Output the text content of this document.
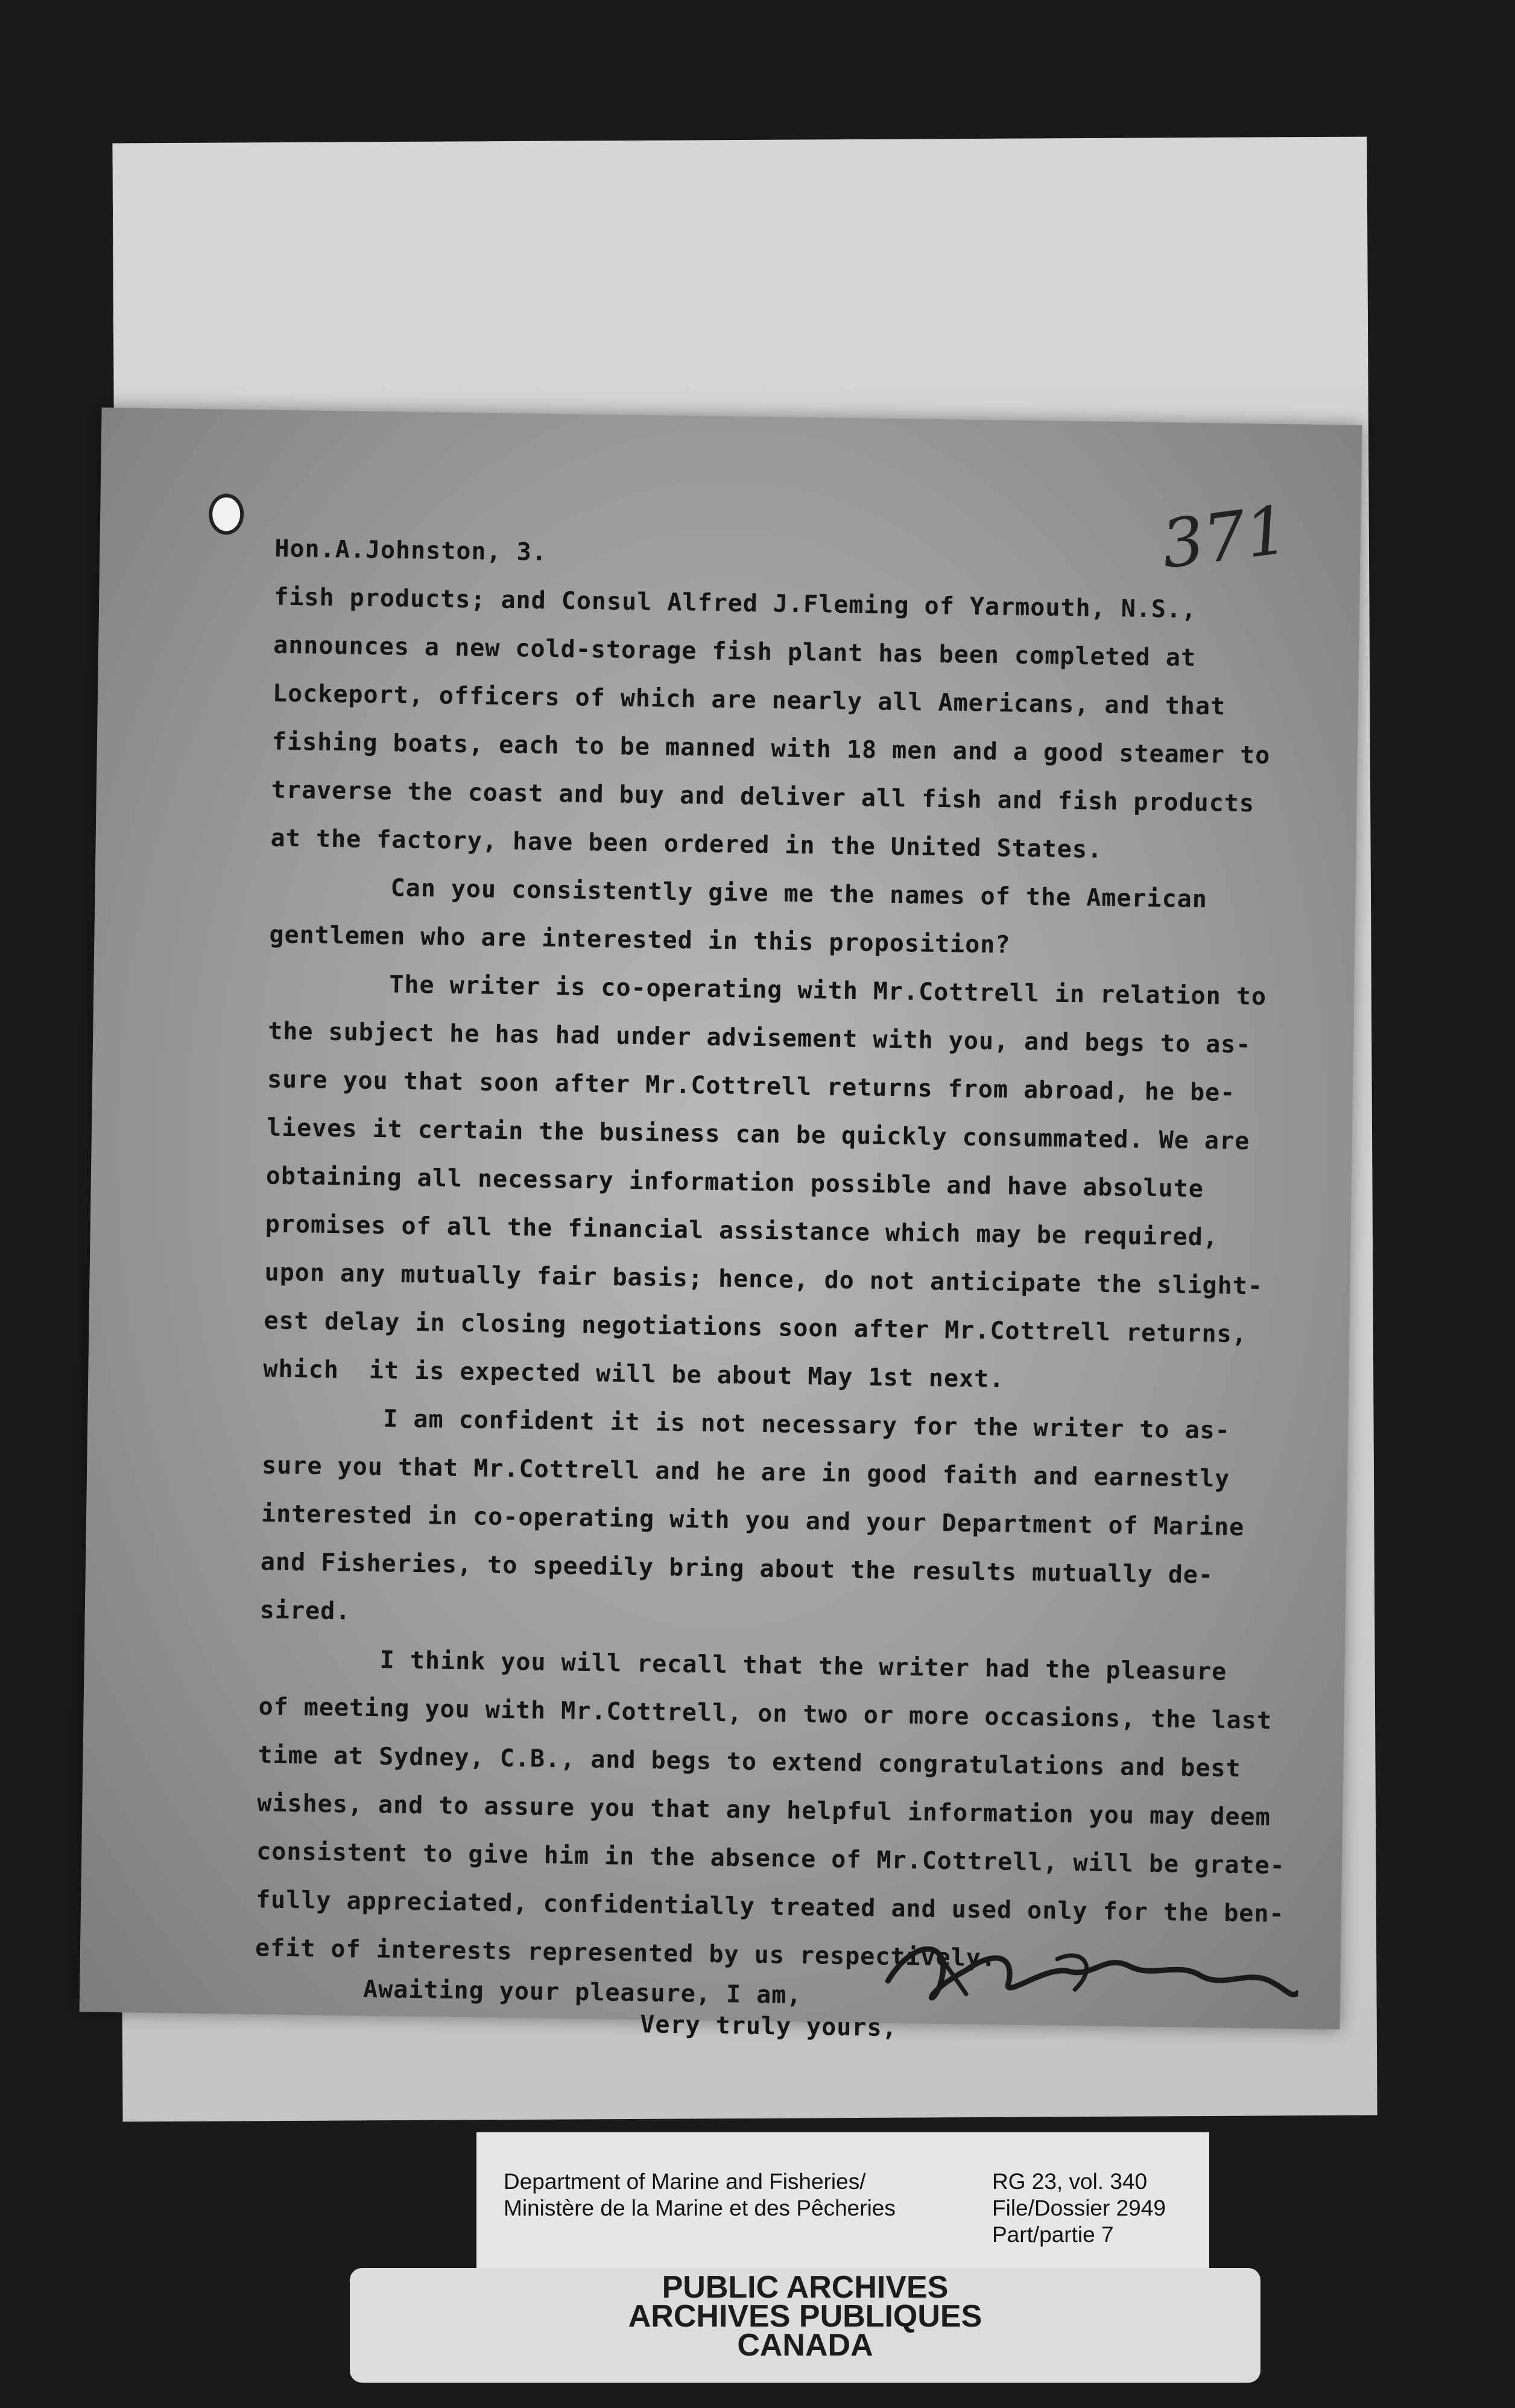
371
Hon.A.Johnston, 3.

fish products; and Consul Alfred J.Fleming of Yarmouth, N.S.,
announces a new cold-storage fish plant has been completed at
Lockeport, officers of which are nearly all Americans, and that
fishing boats, each to be manned with 18 men and a good steamer to
traverse the coast and buy and deliver all fish and fish products
at the factory, have been ordered in the United States.

Can you consistently give me the names of the American
gentlemen who are interested in this proposition?

The writer is co-operating with Mr.Cottrell in relation to
the subject he has had under advisement with you, and begs to as-
sure you that soon after Mr.Cottrell returns from abroad, he be-
lieves it certain the business can be quickly consummated. We are
obtaining all necessary information possible and have absolute
promises of all the financial assistance which may be required,
upon any mutually fair basis; hence, do not anticipate the slight-
est delay in closing negotiations soon after Mr.Cottrell returns,
which  it is expected will be about May 1st next.

I am confident it is not necessary for the writer to as-
sure you that Mr.Cottrell and he are in good faith and earnestly
interested in co-operating with you and your Department of Marine
and Fisheries, to speedily bring about the results mutually de-
sired.

I think you will recall that the writer had the pleasure
of meeting you with Mr.Cottrell, on two or more occasions, the last
time at Sydney, C.B., and begs to extend congratulations and best
wishes, and to assure you that any helpful information you may deem
consistent to give him in the absence of Mr.Cottrell, will be grate-
fully appreciated, confidentially treated and used only for the ben-
efit of interests represented by us respectively.

Awaiting your pleasure, I am,
Very truly yours,
Department of Marine and Fisheries/
Ministère de la Marine et des Pêcheries
RG 23, vol. 340
File/Dossier 2949
Part/partie 7
PUBLIC ARCHIVES
ARCHIVES PUBLIQUES
CANADA
